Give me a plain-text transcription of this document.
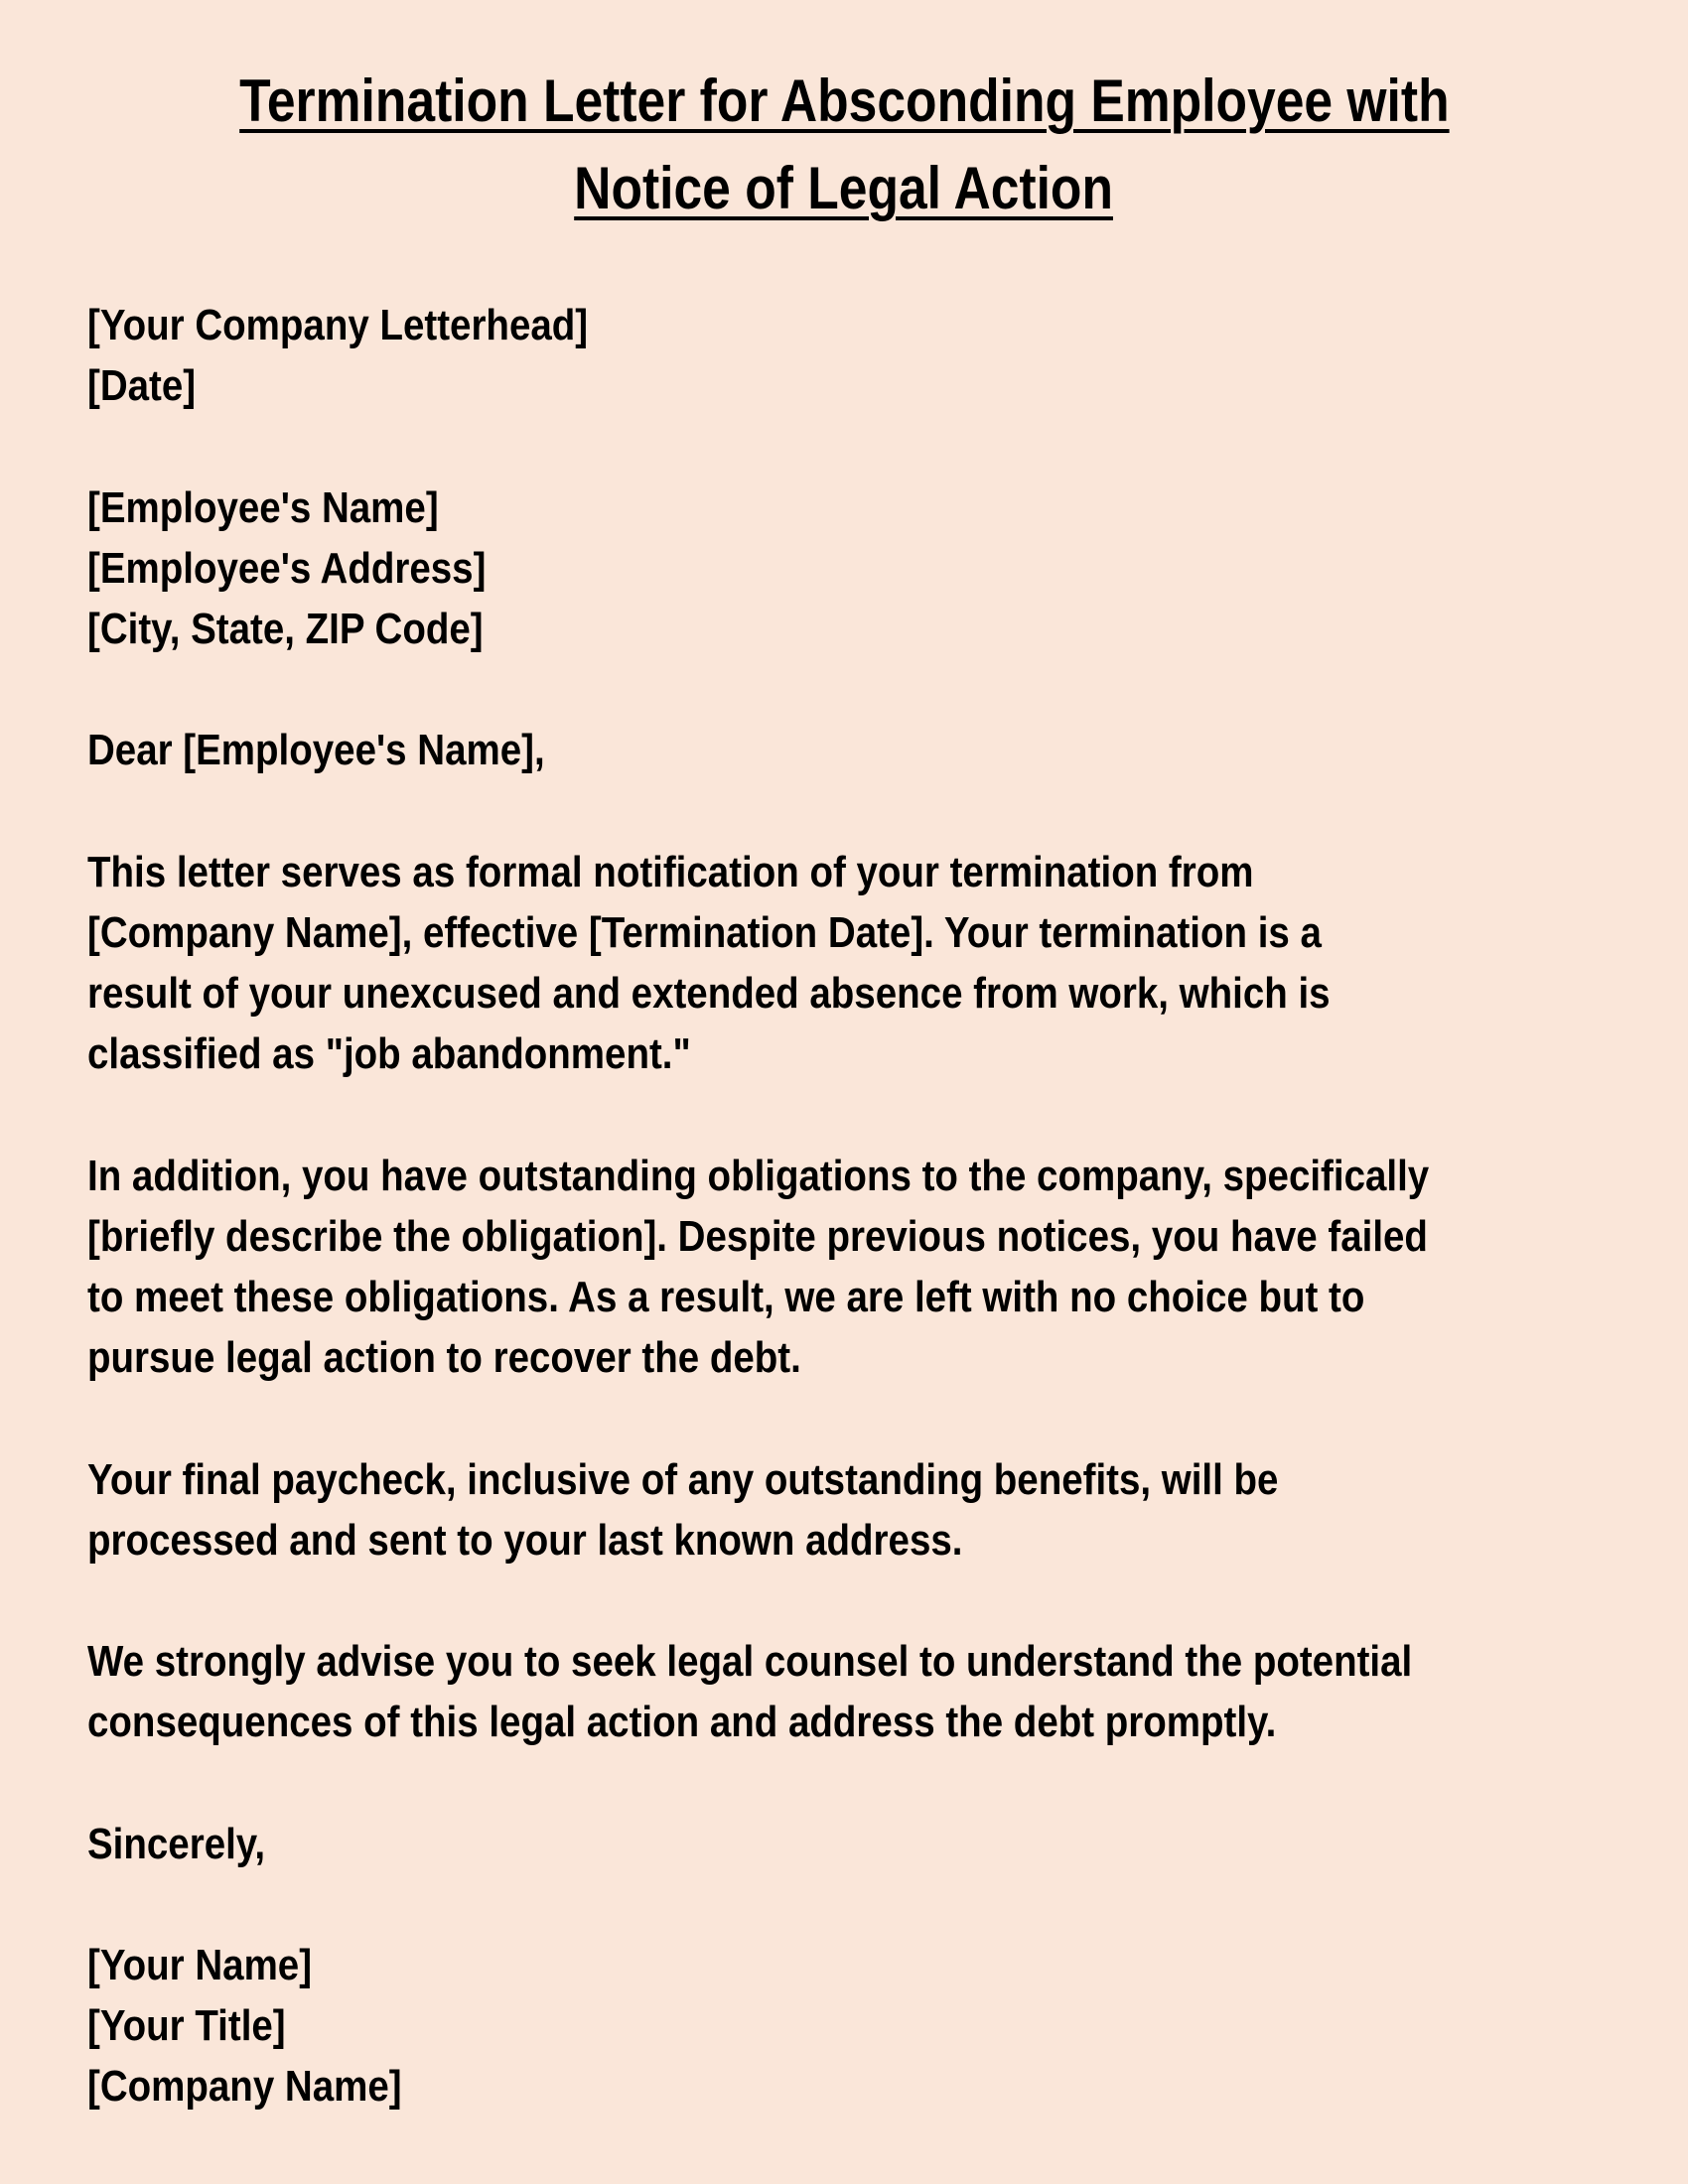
Termination Letter for Absconding Employee with
Notice of Legal Action
[Your Company Letterhead]
[Date]
[Employee's Name]
[Employee's Address]
[City, State, ZIP Code]
Dear [Employee's Name],
This letter serves as formal notification of your termination from
[Company Name], effective [Termination Date]. Your termination is a
result of your unexcused and extended absence from work, which is
classified as "job abandonment."
In addition, you have outstanding obligations to the company, specifically
[briefly describe the obligation]. Despite previous notices, you have failed
to meet these obligations. As a result, we are left with no choice but to
pursue legal action to recover the debt.
Your final paycheck, inclusive of any outstanding benefits, will be
processed and sent to your last known address.
We strongly advise you to seek legal counsel to understand the potential
consequences of this legal action and address the debt promptly.
Sincerely,
[Your Name]
[Your Title]
[Company Name]
